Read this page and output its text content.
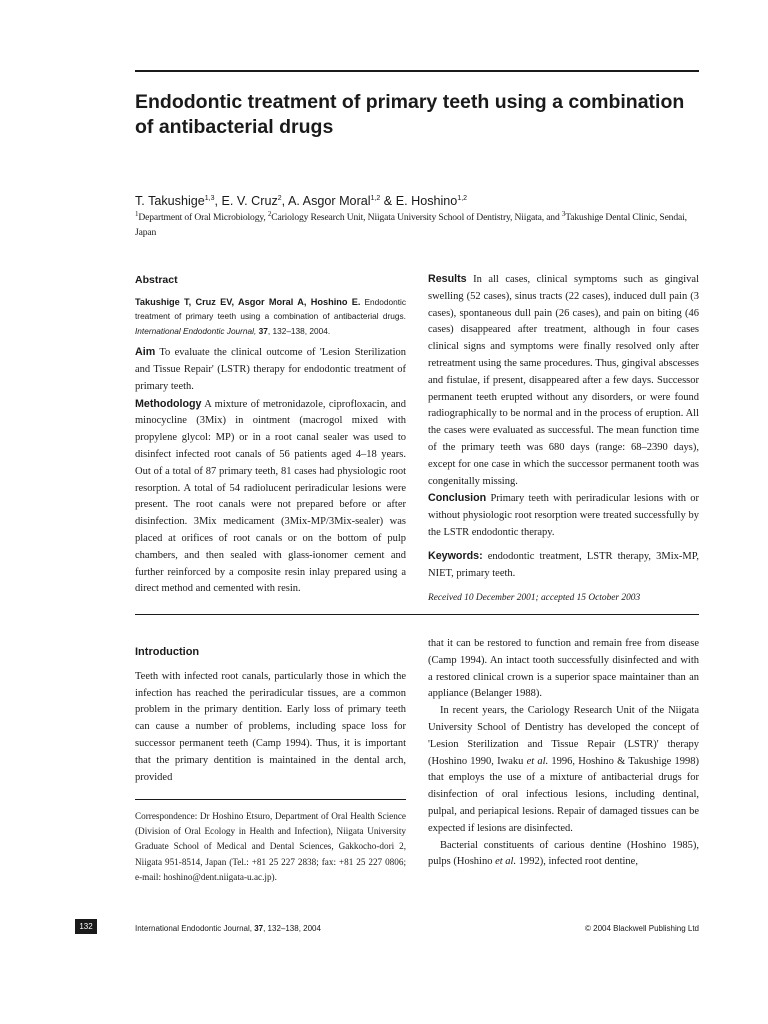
Endodontic treatment of primary teeth using a combination of antibacterial drugs
T. Takushige$^{1,3}$, E. V. Cruz$^2$, A. Asgor Moral$^{1,2}$ & E. Hoshino$^{1,2}$
$^1$Department of Oral Microbiology, $^2$Cariology Research Unit, Niigata University School of Dentistry, Niigata, and $^3$Takushige Dental Clinic, Sendai, Japan
Abstract
Takushige T, Cruz EV, Asgor Moral A, Hoshino E. Endodontic treatment of primary teeth using a combination of antibacterial drugs. International Endodontic Journal, 37, 132–138, 2004.

Aim To evaluate the clinical outcome of 'Lesion Sterilization and Tissue Repair' (LSTR) therapy for endodontic treatment of primary teeth.

Methodology A mixture of metronidazole, ciprofloxacin, and minocycline (3Mix) in ointment (macrogol mixed with propylene glycol: MP) or in a root canal sealer was used to disinfect infected root canals of 56 patients aged 4–18 years. Out of a total of 87 primary teeth, 81 cases had physiologic root resorption. A total of 54 radiolucent periradicular lesions were present. The root canals were not prepared before or after disinfection. 3Mix medicament (3Mix-MP/3Mix-sealer) was placed at orifices of root canals or on the bottom of pulp chambers, and then sealed with glass-ionomer cement and further reinforced by a composite resin inlay prepared using a direct method and cemented with resin.

Results In all cases, clinical symptoms such as gingival swelling (52 cases), sinus tracts (22 cases), induced dull pain (3 cases), spontaneous dull pain (26 cases), and pain on biting (46 cases) disappeared after treatment, although in four cases clinical signs and symptoms were finally resolved only after retreatment using the same procedures. Thus, gingival abscesses and fistulae, if present, disappeared after a few days. Successor permanent teeth erupted without any disorders, or were found radiographically to be normal and in the process of eruption. All the cases were evaluated as successful. The mean function time of the primary teeth was 680 days (range: 68–2390 days), except for one case in which the successor permanent tooth was congenitally missing.

Conclusion Primary teeth with periradicular lesions with or without physiologic root resorption were treated successfully by the LSTR endodontic therapy.

Keywords: endodontic treatment, LSTR therapy, 3Mix-MP, NIET, primary teeth.

Received 10 December 2001; accepted 15 October 2003
Introduction

Teeth with infected root canals, particularly those in which the infection has reached the periradicular tissues, are a common problem in the primary dentition. Early loss of primary teeth can cause a number of problems, including space loss for successor permanent teeth (Camp 1994). Thus, it is important that the primary dentition is maintained in the dental arch, provided

Correspondence: Dr Hoshino Etsuro, Department of Oral Health Science (Division of Oral Ecology in Health and Infection), Niigata University Graduate School of Medical and Dental Sciences, Gakkocho-dori 2, Niigata 951-8514, Japan (Tel.: +81 25 227 2838; fax: +81 25 227 0806; e-mail: hoshino@dent.niigata-u.ac.jp).

that it can be restored to function and remain free from disease (Camp 1994). An intact tooth successfully disinfected and with a restored clinical crown is a superior space maintainer than an appliance (Belanger 1988).

In recent years, the Cariology Research Unit of the Niigata University School of Dentistry has developed the concept of 'Lesion Sterilization and Tissue Repair (LSTR)' therapy (Hoshino 1990, Iwaku et al. 1996, Hoshino & Takushige 1998) that employs the use of a mixture of antibacterial drugs for disinfection of oral infectious lesions, including dentinal, pulpal, and periapical lesions. Repair of damaged tissues can be expected if lesions are disinfected.

Bacterial constituents of carious dentine (Hoshino 1985), pulps (Hoshino et al. 1992), infected root dentine,

132	International Endodontic Journal, 37, 132–138, 2004	© 2004 Blackwell Publishing Ltd
